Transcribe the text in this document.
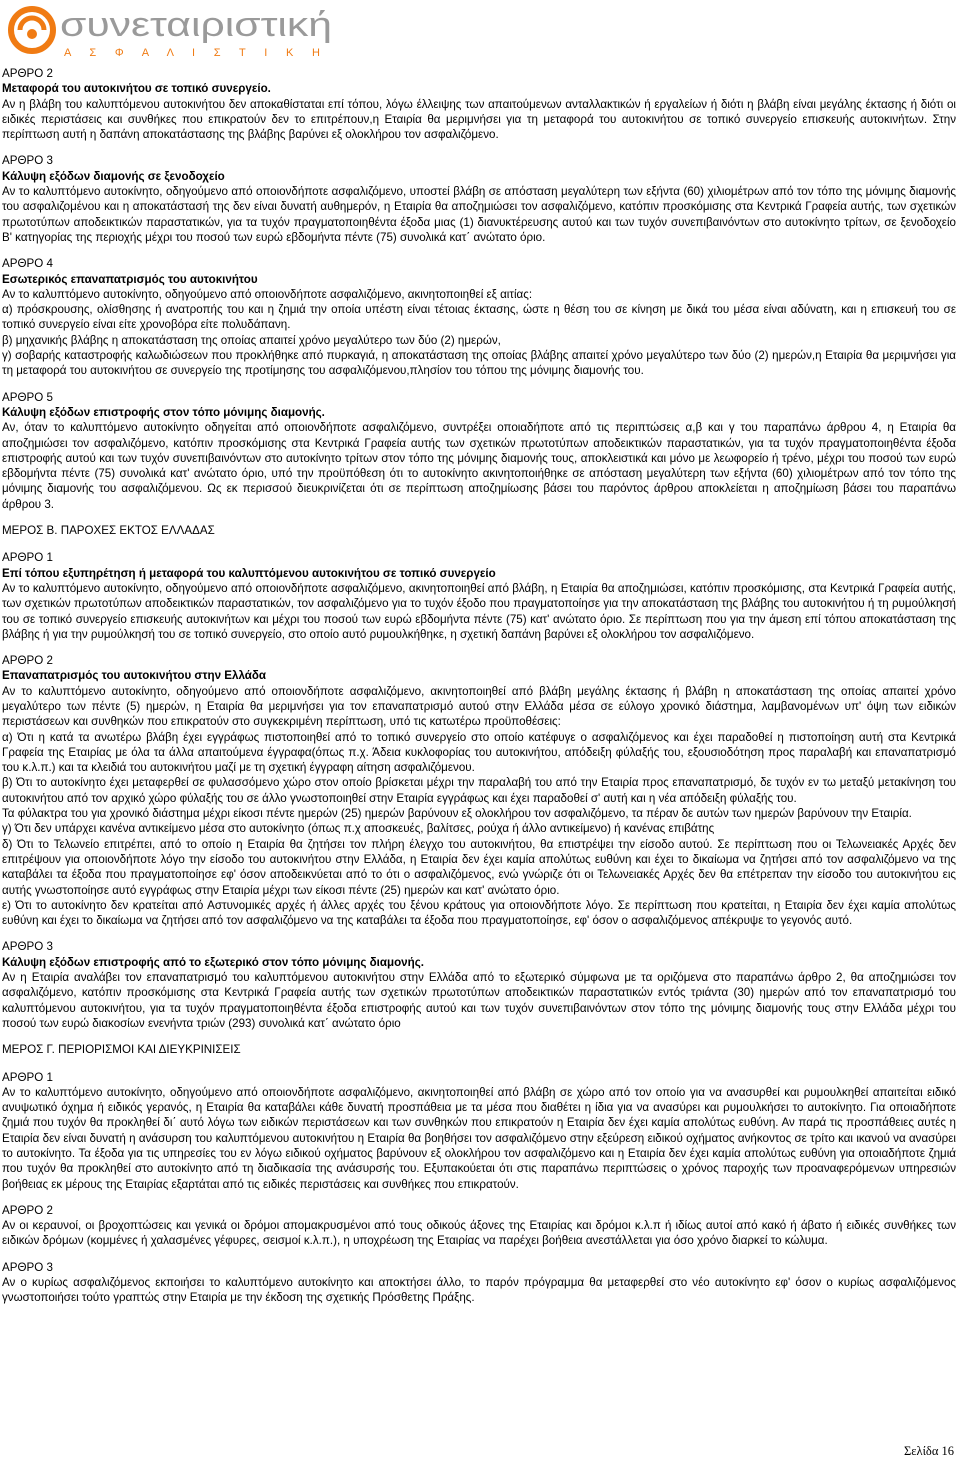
συνεταιριστική
Α Σ Φ Α Λ Ι Σ Τ Ι Κ Η
ΑΡΘΡΟ 2
Μεταφορά του αυτοκινήτου σε τοπικό συνεργείο.

Αν η βλάβη του καλυπτόμενου αυτοκινήτου δεν αποκαθίσταται επί τόπου, λόγω έλλειψης των απαιτούμενων ανταλλακτικών ή εργαλείων ή διότι η βλάβη είναι μεγάλης έκτασης ή διότι οι ειδικές περιστάσεις και συνθήκες που επικρατούν δεν το επιτρέπουν,η Εταιρία θα μεριμνήσει για τη μεταφορά του αυτοκινήτου σε τοπικό συνεργείο επισκευής αυτοκινήτων. Στην περίπτωση αυτή η δαπάνη αποκατάστασης της βλάβης βαρύνει εξ ολοκλήρου τον ασφαλιζόμενο.

ΑΡΘΡΟ 3
Κάλυψη εξόδων διαμονής σε ξενοδοχείο

Αν το καλυπτόμενο αυτοκίνητο, οδηγούμενο από οποιονδήποτε ασφαλιζόμενο, υποστεί βλάβη σε απόσταση μεγαλύτερη των εξήντα (60) χιλιομέτρων από τον τόπο της μόνιμης διαμονής του ασφαλιζομένου και η αποκατάστασή της δεν είναι δυνατή αυθημερόν, η Εταιρία θα αποζημιώσει τον ασφαλιζόμενο, κατόπιν προσκόμισης στα Κεντρικά Γραφεία αυτής, των σχετικών πρωτοτύπων αποδεικτικών παραστατικών, για τα τυχόν πραγματοποιηθέντα έξοδα μιας (1) διανυκτέρευσης αυτού και των τυχόν συνεπιβαινόντων στο αυτοκίνητο τρίτων, σε ξενοδοχείο Β' κατηγορίας της περιοχής μέχρι του ποσού των ευρώ εβδομήντα πέντε (75) συνολικά κατ΄ ανώτατο όριο.

ΑΡΘΡΟ 4
Εσωτερικός επαναπατρισμός του αυτοκινήτου

Αν το καλυπτόμενο αυτοκίνητο, οδηγούμενο από οποιονδήποτε ασφαλιζόμενο, ακινητοποιηθεί εξ αιτίας:

α) πρόσκρουσης, ολίσθησης ή ανατροπής του και η ζημιά την οποία υπέστη είναι τέτοιας έκτασης, ώστε η θέση του σε κίνηση με δικά του μέσα είναι αδύνατη, και η επισκευή του σε τοπικό συνεργείο είναι είτε χρονοβόρα είτε πολυδάπανη.

β) μηχανικής βλάβης η αποκατάσταση της οποίας απαιτεί χρόνο μεγαλύτερο των δύο (2) ημερών,

γ) σοβαρής καταστροφής καλωδιώσεων που προκλήθηκε από πυρκαγιά, η αποκατάσταση της οποίας βλάβης απαιτεί χρόνο μεγαλύτερο των δύο (2) ημερών,η Εταιρία θα μεριμνήσει για τη μεταφορά του αυτοκινήτου σε συνεργείο της προτίμησης του ασφαλιζόμενου,πλησίον του τόπου της μόνιμης διαμονής του.

ΑΡΘΡΟ 5
Κάλυψη εξόδων επιστροφής στον τόπο μόνιμης διαμονής.

Αν, όταν το καλυπτόμενο αυτοκίνητο οδηγείται από οποιονδήποτε ασφαλιζόμενο, συντρέξει οποιαδήποτε από τις περιπτώσεις α,β και γ του παραπάνω άρθρου 4, η Εταιρία θα αποζημιώσει τον ασφαλιζόμενο, κατόπιν προσκόμισης στα Κεντρικά Γραφεία αυτής των σχετικών πρωτοτύπων αποδεικτικών παραστατικών, για τα τυχόν πραγματοποιηθέντα έξοδα επιστροφής αυτού και των τυχόν συνεπιβαινόντων στο αυτοκίνητο τρίτων στον τόπο της μόνιμης διαμονής τους, αποκλειστικά και μόνο με λεωφορείο ή τρένο, μέχρι του ποσού των ευρώ εβδομήντα πέντε (75) συνολικά κατ' ανώτατο όριο, υπό την προϋπόθεση ότι το αυτοκίνητο ακινητοποιήθηκε σε απόσταση μεγαλύτερη των εξήντα (60) χιλιομέτρων από τον τόπο της μόνιμης διαμονής του ασφαλιζόμενου. Ως εκ περισσού διευκρινίζεται ότι σε περίπτωση αποζημίωσης βάσει του παρόντος άρθρου αποκλείεται η αποζημίωση βάσει του παραπάνω άρθρου 3.

ΜΕΡΟΣ Β. ΠΑΡΟΧΕΣ ΕΚΤΟΣ ΕΛΛΑΔΑΣ
ΑΡΘΡΟ 1
Επί τόπου εξυπηρέτηση ή μεταφορά του καλυπτόμενου αυτοκινήτου σε τοπικό συνεργείο

Αν το καλυπτόμενο αυτοκίνητο, οδηγούμενο από οποιονδήποτε ασφαλιζόμενο, ακινητοποιηθεί από βλάβη, η Εταιρία θα αποζημιώσει, κατόπιν προσκόμισης, στα Κεντρικά Γραφεία αυτής, των σχετικών πρωτοτύπων αποδεικτικών παραστατικών, τον ασφαλιζόμενο για το τυχόν έξοδο που πραγματοποίησε για την αποκατάσταση της βλάβης του αυτοκινήτου ή τη ρυμούλκησή του σε τοπικό συνεργείο επισκευής αυτοκινήτων και μέχρι του ποσού των ευρώ εβδομήντα πέντε (75) κατ' ανώτατο όριο. Σε περίπτωση που για την άμεση επί τόπου αποκατάσταση της βλάβης ή για την ρυμούλκησή του σε τοπικό συνεργείο, στο οποίο αυτό ρυμουλκήθηκε, η σχετική δαπάνη βαρύνει εξ ολοκλήρου τον ασφαλιζόμενο.

ΑΡΘΡΟ 2
Επαναπατρισμός του αυτοκινήτου στην Ελλάδα

Αν το καλυπτόμενο αυτοκίνητο, οδηγούμενο από οποιονδήποτε ασφαλιζόμενο, ακινητοποιηθεί από βλάβη μεγάλης έκτασης ή βλάβη η αποκατάσταση της οποίας απαιτεί χρόνο μεγαλύτερο των πέντε (5) ημερών, η Εταιρία θα μεριμνήσει για τον επαναπατρισμό αυτού στην Ελλάδα μέσα σε εύλογο χρονικό διάστημα, λαμβανομένων υπ' όψη των ειδικών περιστάσεων και συνθηκών που επικρατούν στο συγκεκριμένη περίπτωση, υπό τις κατωτέρω προϋποθέσεις:

α) Ότι η κατά τα ανωτέρω βλάβη έχει εγγράφως πιστοποιηθεί από το τοπικό συνεργείο στο οποίο κατέφυγε ο ασφαλιζόμενος και έχει παραδοθεί η πιστοποίηση αυτή στα Κεντρικά Γραφεία της Εταιρίας με όλα τα άλλα απαιτούμενα έγγραφα(όπως π.χ. Άδεια κυκλοφορίας του αυτοκινήτου, απόδειξη φύλαξής του, εξουσιοδότηση προς παραλαβή και επαναπατρισμό του κ.λ.π.) και τα κλειδιά του αυτοκινήτου μαζί με τη σχετική έγγραφη αίτηση ασφαλιζόμενου.

β) Ότι το αυτοκίνητο έχει μεταφερθεί σε φυλασσόμενο χώρο στον οποίο βρίσκεται μέχρι την παραλαβή του από την Εταιρία προς επαναπατρισμό, δε τυχόν εν τω μεταξύ μετακίνηση του αυτοκινήτου από τον αρχικό χώρο φύλαξής του σε άλλο γνωστοποιηθεί στην Εταιρία εγγράφως και έχει παραδοθεί σ' αυτή και η νέα απόδειξη φύλαξής του.

Τα φύλακτρα του για χρονικό διάστημα μέχρι είκοσι πέντε ημερών (25) ημερών βαρύνουν εξ ολοκλήρου τον ασφαλιζόμενο, τα πέραν δε αυτών των ημερών βαρύνουν την Εταιρία.

γ) Ότι δεν υπάρχει κανένα αντικείμενο μέσα στο αυτοκίνητο (όπως π.χ αποσκευές, βαλίτσες, ρούχα ή άλλο αντικείμενο) ή κανένας επιβάτης

δ) Ότι το Τελωνείο επιτρέπει, από το οποίο η Εταιρία θα ζητήσει τον πλήρη έλεγχο του αυτοκινήτου, θα επιστρέψει την είσοδο αυτού. Σε περίπτωση που οι Τελωνειακές Αρχές δεν επιτρέψουν για οποιονδήποτε λόγο την είσοδο του αυτοκινήτου στην Ελλάδα, η Εταιρία δεν έχει καμία απολύτως ευθύνη και έχει το δικαίωμα να ζητήσει από τον ασφαλιζόμενο να της καταβάλει τα έξοδα που πραγματοποίησε εφ' όσον αποδεικνύεται από το ότι ο ασφαλιζόμενος, ενώ γνώριζε ότι οι Τελωνειακές Αρχές δεν θα επέτρεπαν την είσοδο του αυτοκινήτου εις αυτής γνωστοποίησε αυτό εγγράφως στην Εταιρία μέχρι των είκοσι πέντε (25) ημερών και κατ' ανώτατο όριο.

ε) Ότι το αυτοκίνητο δεν κρατείται από Αστυνομικές αρχές ή άλλες αρχές του ξένου κράτους για οποιονδήποτε λόγο. Σε περίπτωση που κρατείται, η Εταιρία δεν έχει καμία απολύτως ευθύνη και έχει το δικαίωμα να ζητήσει από τον ασφαλιζόμενο να της καταβάλει τα έξοδα που πραγματοποίησε, εφ' όσον ο ασφαλιζόμενος απέκρυψε το γεγονός αυτό.

ΑΡΘΡΟ 3
Κάλυψη εξόδων επιστροφής από το εξωτερικό στον τόπο μόνιμης διαμονής.

Αν η Εταιρία αναλάβει τον επαναπατρισμό του καλυπτόμενου αυτοκινήτου στην Ελλάδα από το εξωτερικό σύμφωνα με τα οριζόμενα στο παραπάνω άρθρο 2, θα αποζημιώσει τον ασφαλιζόμενο, κατόπιν προσκόμισης στα Κεντρικά Γραφεία αυτής των σχετικών πρωτοτύπων αποδεικτικών παραστατικών εντός τριάντα (30) ημερών από τον επαναπατρισμό του καλυπτόμενου αυτοκινήτου, για τα τυχόν πραγματοποιηθέντα έξοδα επιστροφής αυτού και των τυχόν συνεπιβαινόντων στον τόπο της μόνιμης διαμονής τους στην Ελλάδα μέχρι του ποσού των ευρώ διακοσίων ενενήντα τριών (293) συνολικά κατ΄ ανώτατο όριο

ΜΕΡΟΣ Γ. ΠΕΡΙΟΡΙΣΜΟΙ ΚΑΙ ΔΙΕΥΚΡΙΝΙΣΕΙΣ
ΑΡΘΡΟ 1

Αν το καλυπτόμενο αυτοκίνητο, οδηγούμενο από οποιονδήποτε ασφαλιζόμενο, ακινητοποιηθεί από βλάβη σε χώρο από τον οποίο για να ανασυρθεί και ρυμουλκηθεί απαιτείται ειδικό ανυψωτικό όχημα ή ειδικός γερανός, η Εταιρία θα καταβάλει κάθε δυνατή προσπάθεια με τα μέσα που διαθέτει η ίδια για να ανασύρει και ρυμουλκήσει το αυτοκίνητο. Για οποιαδήποτε ζημιά που τυχόν θα προκληθεί δι΄ αυτό λόγω των ειδικών περιστάσεων και των συνθηκών που επικρατούν η Εταιρία δεν έχει καμία απολύτως ευθύνη. Αν παρά τις προσπάθειες αυτές η Εταιρία δεν είναι δυνατή η ανάσυρση του καλυπτόμενου αυτοκινήτου η Εταιρία θα βοηθήσει τον ασφαλιζόμενο στην εξεύρεση ειδικού οχήματος ανήκοντος σε τρίτο και ικανού να ανασύρει το αυτοκίνητο. Τα έξοδα για τις υπηρεσίες του εν λόγω ειδικού οχήματος βαρύνουν εξ ολοκλήρου τον ασφαλιζόμενο και η Εταιρία δεν έχει καμία απολύτως ευθύνη για οποιαδήποτε ζημιά που τυχόν θα προκληθεί στο αυτοκίνητο από τη διαδικασία της ανάσυρσής του. Εξυπακούεται ότι στις παραπάνω περιπτώσεις ο χρόνος παροχής των προαναφερόμενων υπηρεσιών βοήθειας εκ μέρους της Εταιρίας εξαρτάται από τις ειδικές περιστάσεις και συνθήκες που επικρατούν.

ΑΡΘΡΟ 2

Αν οι κεραυνοί, οι βροχοπτώσεις και γενικά οι δρόμοι απομακρυσμένοι από τους οδικούς άξονες της Εταιρίας και δρόμοι κ.λ.π ή ιδίως αυτοί από κακό ή άβατο ή ειδικές συνθήκες των ειδικών δρόμων (κομμένες ή χαλασμένες γέφυρες, σεισμοί κ.λ.π.), η υποχρέωση της Εταιρίας να παρέχει βοήθεια ανεστάλλεται για όσο χρόνο διαρκεί το κώλυμα.

ΑΡΘΡΟ 3

Αν ο κυρίως ασφαλιζόμενος εκποιήσει το καλυπτόμενο αυτοκίνητο και αποκτήσει άλλο, το παρόν πρόγραμμα θα μεταφερθεί στο νέο αυτοκίνητο εφ' όσον ο κυρίως ασφαλιζόμενος γνωστοποιήσει τούτο γραπτώς στην Εταιρία με την έκδοση της σχετικής Πρόσθετης Πράξης.

Σελίδα 16
